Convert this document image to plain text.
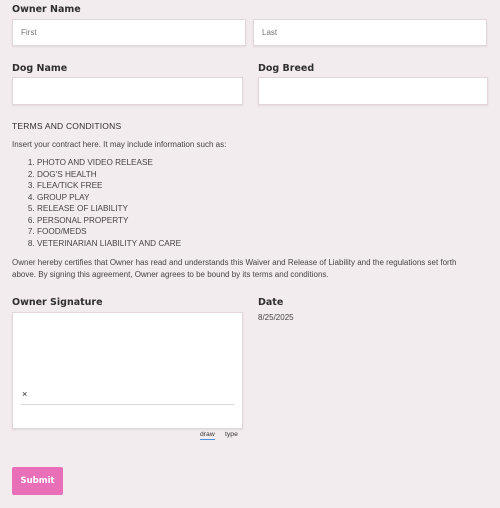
Owner Name
First
Last
Dog Name	Dog Breed
TERMS AND CONDITIONS
Insert your contract here. It may include information such as:
1. PHOTO AND VIDEO RELEASE
2. DOG'S HEALTH
3. FLEA/TICK FREE
4. GROUP PLAY
5. RELEASE OF LIABILITY
6. PERSONAL PROPERTY
7. FOOD/MEDS
8. VETERINARIAN LIABILITY AND CARE
Owner hereby certifies that Owner has read and understands this Waiver and Release of Liability and the regulations set forth above. By signing this agreement, Owner agrees to be bound by its terms and conditions.
Owner Signature
×
draw type
Date
8/25/2025
Submit
